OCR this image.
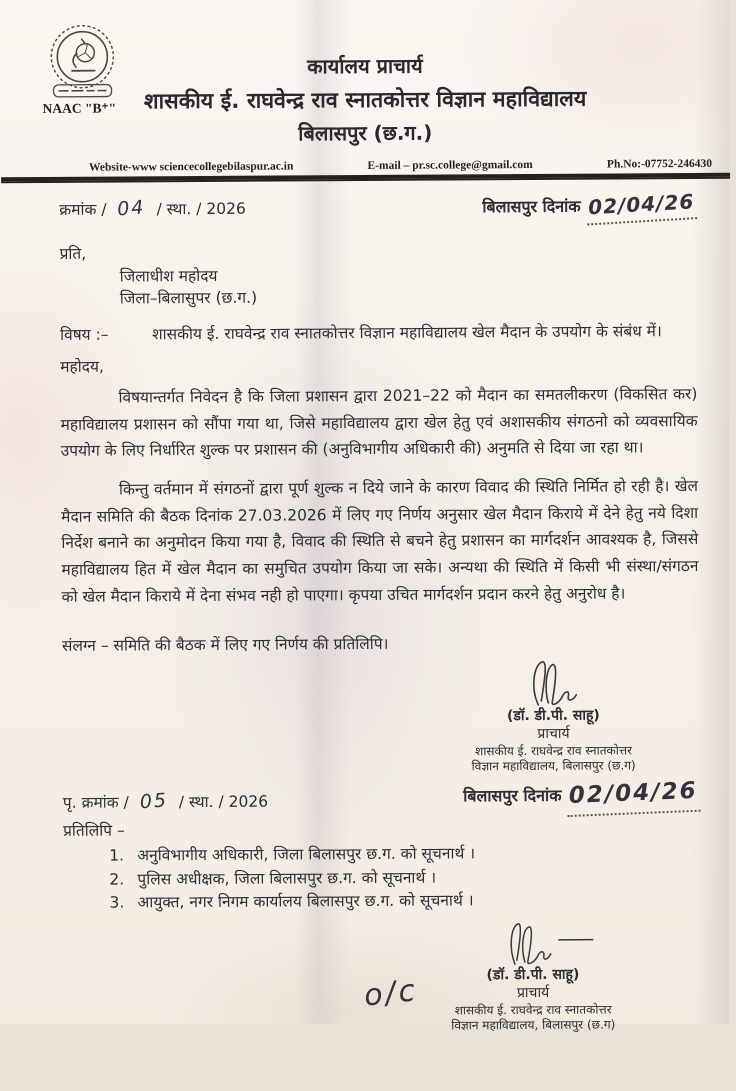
NAAC "B⁺"
कार्यालय प्राचार्य
शासकीय ई. राघवेन्द्र राव स्नातकोत्तर विज्ञान महाविद्यालय
बिलासपुर (छ.ग.)
Website-www sciencecollegebilaspur.ac.in	E-mail – pr.sc.college@gmail.com	Ph.No:-07752-246430
क्रमांक / 04 / स्था. / 2026	बिलासपुर दिनांक 02/04/26
प्रति,
जिलाधीश महोदय
जिला–बिलासुपर (छ.ग.)
विषय :–	शासकीय ई. राघवेन्द्र राव स्नातकोत्तर विज्ञान महाविद्यालय खेल मैदान के उपयोग के संबंध में।
महोदय,

विषयान्तर्गत निवेदन है कि जिला प्रशासन द्वारा 2021–22 को मैदान का समतलीकरण (विकसित कर) महाविद्यालय प्रशासन को सौंपा गया था, जिसे महाविद्यालय द्वारा खेल हेतु एवं अशासकीय संगठनो को व्यवसायिक उपयोग के लिए निर्धारित शुल्क पर प्रशासन की (अनुविभागीय अधिकारी की) अनुमति से दिया जा रहा था।

किन्तु वर्तमान में संगठनों द्वारा पूर्ण शुल्क न दिये जाने के कारण विवाद की स्थिति निर्मित हो रही है। खेल मैदान समिति की बैठक दिनांक 27.03.2026 में लिए गए निर्णय अनुसार खेल मैदान किराये में देने हेतु नये दिशा निर्देश बनाने का अनुमोदन किया गया है, विवाद की स्थिति से बचने हेतु प्रशासन का मार्गदर्शन आवश्यक है, जिससे महाविद्यालय हित में खेल मैदान का समुचित उपयोग किया जा सके। अन्यथा की स्थिति में किसी भी संस्था/संगठन को खेल मैदान किराये में देना संभव नही हो पाएगा। कृपया उचित मार्गदर्शन प्रदान करने हेतु अनुरोध है।

संलग्न – समिति की बैठक में लिए गए निर्णय की प्रतिलिपि।
(डॉ. डी.पी. साहू)
प्राचार्य
शासकीय ई. राघवेन्द्र राव स्नातकोत्तर
विज्ञान महाविद्यालय, बिलासपुर (छ.ग)
पृ. क्रमांक / 05 / स्था. / 2026	बिलासपुर दिनांक 02/04/26
प्रतिलिपि –
1. अनुविभागीय अधिकारी, जिला बिलासपुर छ.ग. को सूचनार्थ ।
2. पुलिस अधीक्षक, जिला बिलासपुर छ.ग. को सूचनार्थ ।
3. आयुक्त, नगर निगम कार्यालय बिलासपुर छ.ग. को सूचनार्थ ।
o/c	(डॉ. डी.पी. साहू)
प्राचार्य
शासकीय ई. राघवेन्द्र राव स्नातकोत्तर
विज्ञान महाविद्यालय, बिलासपुर (छ.ग)
